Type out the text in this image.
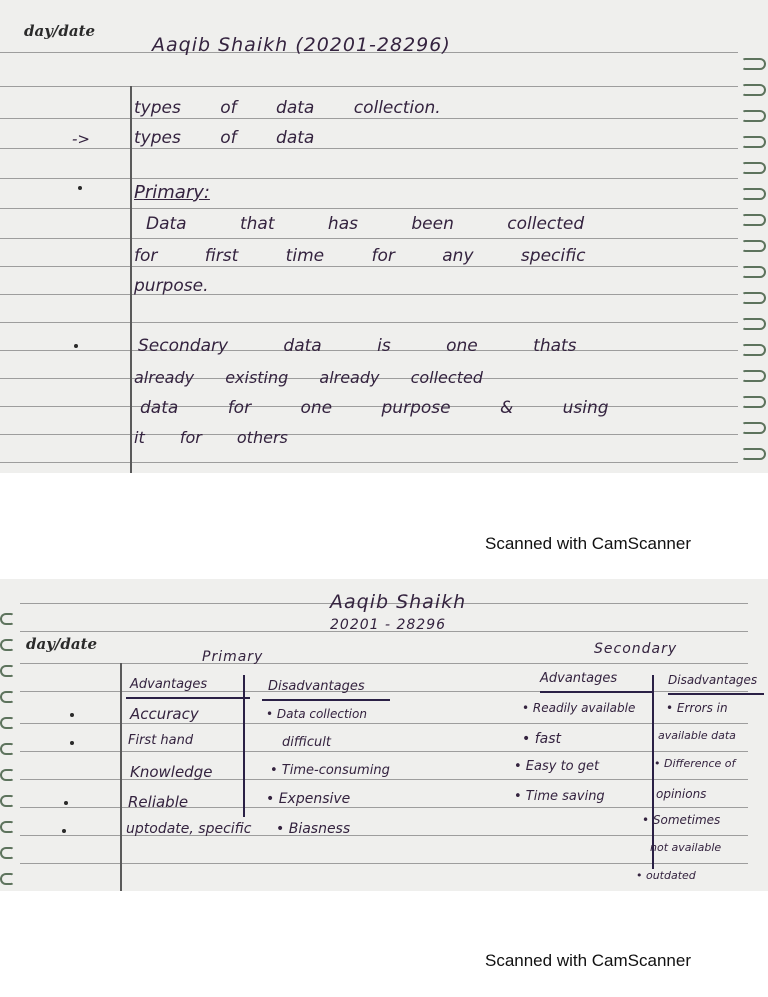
day/date
Aaqib Shaikh (20201-28296)
types of data collection.
->	types of data
Primary:
Data that has been collected
for first time for any specific
purpose.
Secondary data is one thats
already existing already collected
data for one purpose & using
it for others
Scanned with CamScanner
day/date
Aaqib Shaikh
20201 - 28296
Primary	Secondary
Advantages
Accuracy
First hand
Knowledge
Reliable
uptodate, specific
Disadvantages
• Data collection
difficult
• Time-consuming
• Expensive
• Biasness
Advantages
• Readily available
• fast
• Easy to get
• Time saving
Disadvantages
• Errors in
available data
• Difference of
opinions
• Sometimes
not available
• outdated
Scanned with CamScanner
